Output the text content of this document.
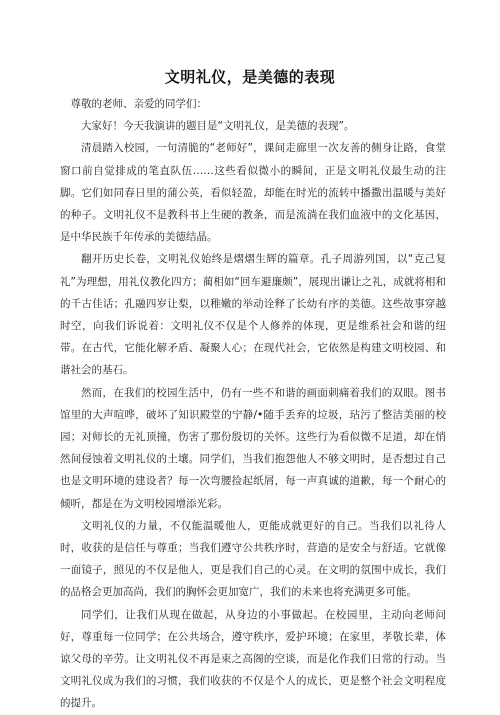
文明礼仪，是美德的表现

尊敬的老师、亲爱的同学们：

大家好！今天我演讲的题目是“文明礼仪，是美德的表现”。

清晨踏入校园，一句清脆的“老师好”，课间走廊里一次友善的侧身让路，食堂窗口前自觉排成的笔直队伍……这些看似微小的瞬间，正是文明礼仪最生动的注脚。它们如同春日里的蒲公英，看似轻盈，却能在时光的流转中播撒出温暖与美好的种子。文明礼仪不是教科书上生硬的教条，而是流淌在我们血液中的文化基因，是中华民族千年传承的美德结晶。

翻开历史长卷，文明礼仪始终是熠熠生辉的篇章。孔子周游列国，以“克己复礼”为理想，用礼仪教化四方；蔺相如“回车避廉颇”，展现出谦让之礼，成就将相和的千古佳话；孔融四岁让梨，以稚嫩的举动诠释了长幼有序的美德。这些故事穿越时空，向我们诉说着：文明礼仪不仅是个人修养的体现，更是维系社会和谐的纽带。在古代，它能化解矛盾、凝聚人心；在现代社会，它依然是构建文明校园、和谐社会的基石。

然而，在我们的校园生活中，仍有一些不和谐的画面刺痛着我们的双眼。图书馆里的大声喧哗，破坏了知识殿堂的宁静/•随手丢弃的垃圾，玷污了整洁美丽的校园；对师长的无礼顶撞，伤害了那份殷切的关怀。这些行为看似微不足道，却在悄然间侵蚀着文明礼仪的土壤。同学们，当我们抱怨他人不够文明时，是否想过自己也是文明环境的建设者？每一次弯腰捡起纸屑，每一声真诚的道歉，每一个耐心的倾听，都是在为文明校园增添光彩。

文明礼仪的力量，不仅能温暖他人，更能成就更好的自己。当我们以礼待人时，收获的是信任与尊重；当我们遵守公共秩序时，营造的是安全与舒适。它就像一面镜子，照见的不仅是他人，更是我们自己的心灵。在文明的氛围中成长，我们的品格会更加高尚，我们的胸怀会更加宽广，我们的未来也将充满更多可能。

同学们，让我们从现在做起，从身边的小事做起。在校园里，主动向老师问好，尊重每一位同学；在公共场合，遵守秩序，爱护环境；在家里，孝敬长辈，体谅父母的辛劳。让文明礼仪不再是束之高阁的空谈，而是化作我们日常的行动。当文明礼仪成为我们的习惯，我们收获的不仅是个人的成长，更是整个社会文明程度的提升。
